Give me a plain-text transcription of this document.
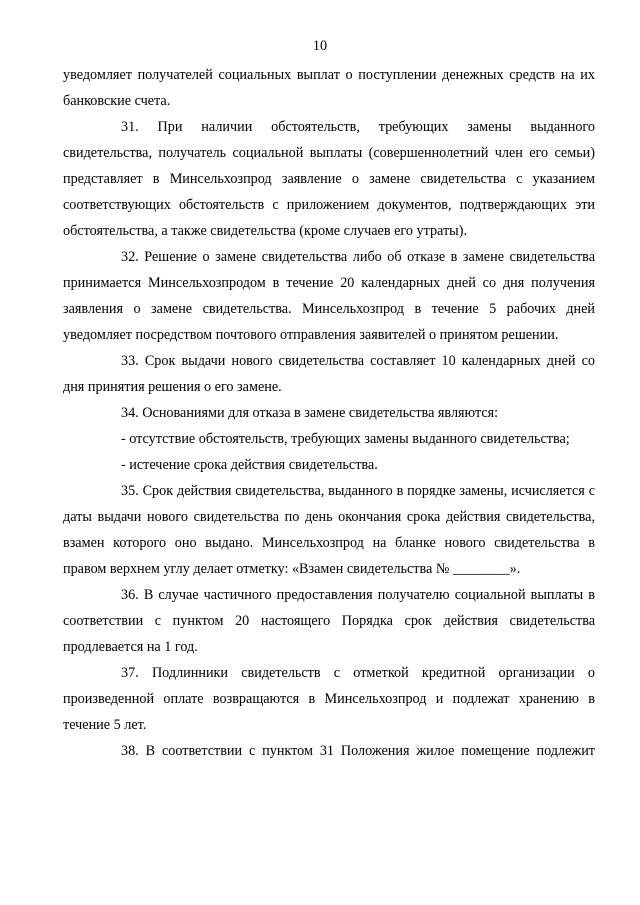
10

уведомляет получателей социальных выплат о поступлении денежных средств на их банковские счета.

31. При наличии обстоятельств, требующих замены выданного свидетельства, получатель социальной выплаты (совершеннолетний член его семьи) представляет в Минсельхозпрод заявление о замене свидетельства с указанием соответствующих обстоятельств с приложением документов, подтверждающих эти обстоятельства, а также свидетельства (кроме случаев его утраты).

32. Решение о замене свидетельства либо об отказе в замене свидетельства принимается Минсельхозпродом в течение 20 календарных дней со дня получения заявления о замене свидетельства. Минсельхозпрод в течение 5 рабочих дней уведомляет посредством почтового отправления заявителей о принятом решении.

33. Срок выдачи нового свидетельства составляет 10 календарных дней со дня принятия решения о его замене.

34. Основаниями для отказа в замене свидетельства являются:

- отсутствие обстоятельств, требующих замены выданного свидетельства;

- истечение срока действия свидетельства.

35. Срок действия свидетельства, выданного в порядке замены, исчисляется с даты выдачи нового свидетельства по день окончания срока действия свидетельства, взамен которого оно выдано. Минсельхозпрод на бланке нового свидетельства в правом верхнем углу делает отметку: «Взамен свидетельства № ________».

36. В случае частичного предоставления получателю социальной выплаты в соответствии с пунктом 20 настоящего Порядка срок действия свидетельства продлевается на 1 год.

37. Подлинники свидетельств с отметкой кредитной организации о произведенной оплате возвращаются в Минсельхозпрод и подлежат хранению в течение 5 лет.

38. В соответствии с пунктом 31 Положения жилое помещение подлежит
